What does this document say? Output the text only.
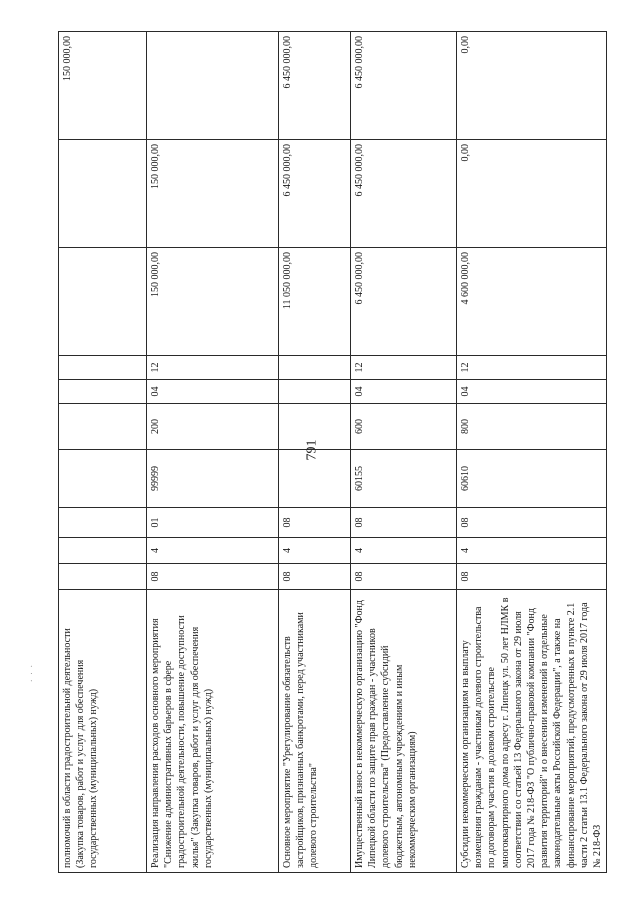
791
· · ·	полномочий в области градостроительной деятельности (Закупка товаров, работ и услуг для обеспечения государственных (муниципальных) нужд)										150 000,00
Реализация направления расходов основного мероприятия "Снижение административных барьеров в сфере градостроительной деятельности, повышение доступности жилья" (Закупка товаров, работ и услуг для обеспечения государственных (муниципальных) нужд)	08	4	01	99999	200	04	12	150 000,00	150 000,00	
Основное мероприятие "Урегулирование обязательств застройщиков, признанных банкротами, перед участниками долевого строительства"	08	4	08					11 050 000,00	6 450 000,00	6 450 000,00
Имущественный взнос в некоммерческую организацию "Фонд Липецкой области по защите прав граждан - участников долевого строительства" (Предоставление субсидий бюджетным, автономным учреждениям и иным некоммерческим организациям)	08	4	08	60155	600	04	12	6 450 000,00	6 450 000,00	6 450 000,00
Субсидии некоммерческим организациям на выплату возмещения гражданам - участникам долевого строительства по договорам участия в долевом строительстве многоквартирного дома по адресу г. Липецк ул. 50 лет НЛМК в соответствии со статьей 13 Федерального закона от 29 июля 2017 года № 218-ФЗ "О публично-правовой компании "Фонд развития территорий" и о внесении изменений в отдельные законодательные акты Российской Федерации", а также на финансирование мероприятий, предусмотренных в пункте 2.1 части 2 статьи 13.1 Федерального закона от 29 июля 2017 года № 218-ФЗ	08	4	08	60610	800	04	12	4 600 000,00	0,00	0,00
